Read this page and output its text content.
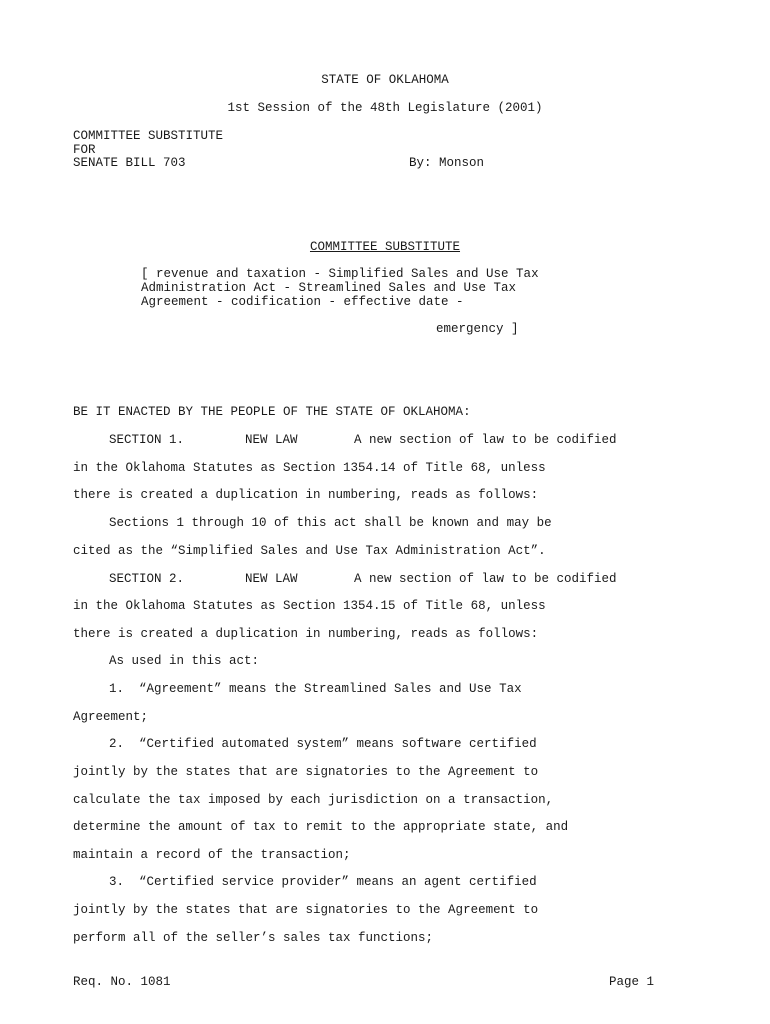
STATE OF OKLAHOMA
1st Session of the 48th Legislature (2001)
COMMITTEE SUBSTITUTE
FOR
SENATE BILL 703	By: Monson
COMMITTEE SUBSTITUTE
[ revenue and taxation - Simplified Sales and Use Tax
Administration Act - Streamlined Sales and Use Tax
Agreement - codification - effective date -
emergency ]
BE IT ENACTED BY THE PEOPLE OF THE STATE OF OKLAHOMA:
SECTION 1.	NEW LAW	A new section of law to be codified
in the Oklahoma Statutes as Section 1354.14 of Title 68, unless
there is created a duplication in numbering, reads as follows:
Sections 1 through 10 of this act shall be known and may be
cited as the “Simplified Sales and Use Tax Administration Act”.
SECTION 2.	NEW LAW	A new section of law to be codified
in the Oklahoma Statutes as Section 1354.15 of Title 68, unless
there is created a duplication in numbering, reads as follows:
As used in this act:
1.  “Agreement” means the Streamlined Sales and Use Tax
Agreement;
2.  “Certified automated system” means software certified
jointly by the states that are signatories to the Agreement to
calculate the tax imposed by each jurisdiction on a transaction,
determine the amount of tax to remit to the appropriate state, and
maintain a record of the transaction;
3.  “Certified service provider” means an agent certified
jointly by the states that are signatories to the Agreement to
perform all of the seller’s sales tax functions;
Req. No. 1081	Page 1
